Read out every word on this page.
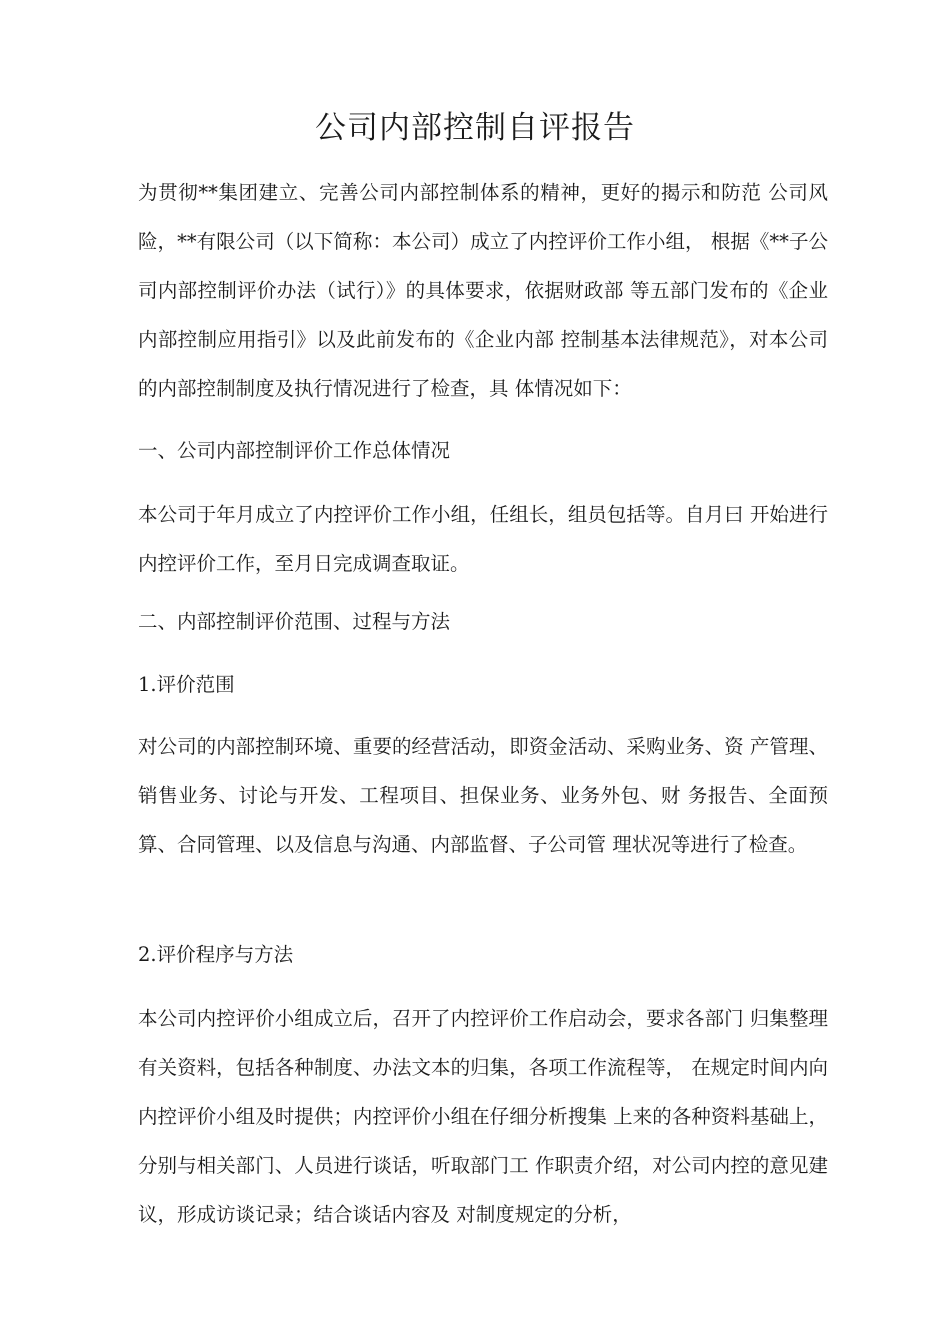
公司内部控制自评报告

为贯彻**集团建立、完善公司内部控制体系的精神，更好的揭示和防范 公司风险，**有限公司（以下简称：本公司）成立了内控评价工作小组， 根据《**子公司内部控制评价办法（试行）》的具体要求，依据财政部 等五部门发布的《企业内部控制应用指引》以及此前发布的《企业内部 控制基本法律规范》，对本公司的内部控制制度及执行情况进行了检查，具 体情况如下：

一、公司内部控制评价工作总体情况

本公司于年月成立了内控评价工作小组，任组长，组员包括等。自月曰 开始进行内控评价工作，至月日完成调查取证。

二、内部控制评价范围、过程与方法

1.评价范围

对公司的内部控制环境、重要的经营活动，即资金活动、采购业务、资 产管理、销售业务、讨论与开发、工程项目、担保业务、业务外包、财 务报告、全面预算、合同管理、以及信息与沟通、内部监督、子公司管 理状况等进行了检查。

2.评价程序与方法

本公司内控评价小组成立后，召开了内控评价工作启动会，要求各部门 归集整理有关资料，包括各种制度、办法文本的归集，各项工作流程等， 在规定时间内向内控评价小组及时提供；内控评价小组在仔细分析搜集 上来的各种资料基础上，分别与相关部门、人员进行谈话，听取部门工 作职责介绍，对公司内控的意见建议，形成访谈记录；结合谈话内容及 对制度规定的分析，
